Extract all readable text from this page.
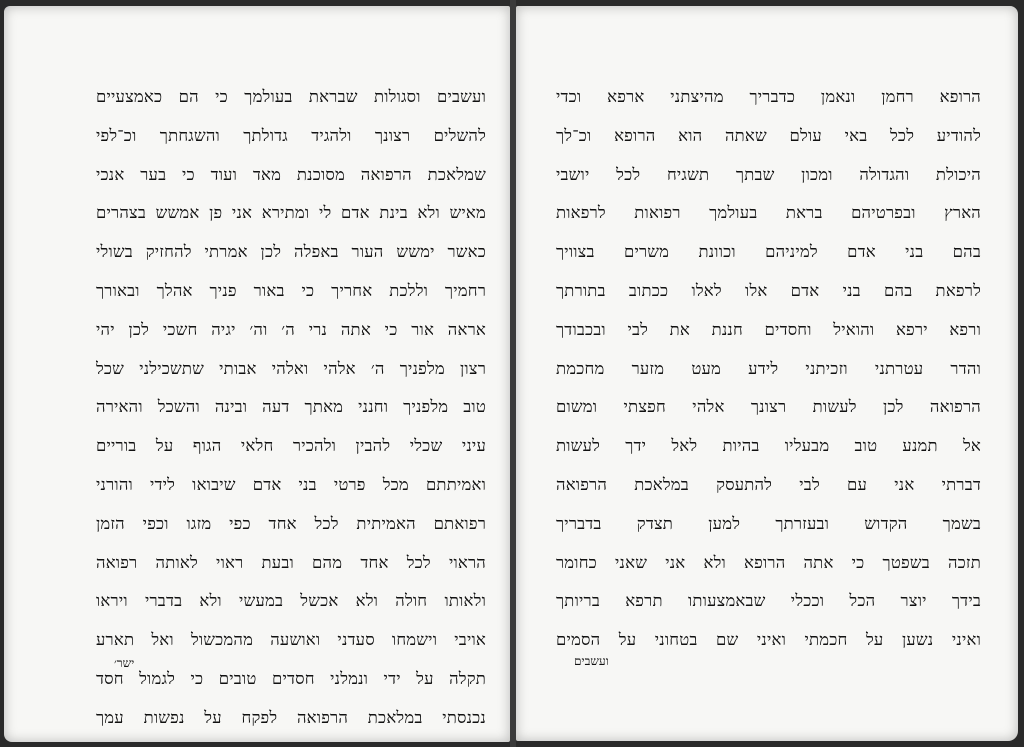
ועשבים וסגולות שבראת בעולמך כי הם כאמצעיים
להשלים רצונך ולהגיד גדולתך והשגחתך וכ־לפי
שמלאכת הרפואה מסוכנת מאד ועוד כי בער אנכי
מאיש ולא בינת אדם לי ומתירא אני פן אמשש בצהרים
כאשר ימשש העור באפלה לכן אמרתי להחזיק בשולי
רחמיך וללכת אחריך כי באור פניך אהלך ובאורך
אראה אור כי אתה נרי ה׳ וה׳ יגיה חשכי לכן יהי
רצון מלפניך ה׳ אלהי ואלהי אבותי שתשכילני שכל
טוב מלפניך וחנני מאתך דעה ובינה והשכל והאירה
עיני שכלי להבין ולהכיר חלאי הגוף על בוריים
ואמיתתם מכל פרטי בני אדם שיבואו לידי והורני
רפואתם האמיתית לכל אחד כפי מזגו וכפי הזמן
הראוי לכל אחד מהם ובעת ראוי לאותה רפואה
ולאותו חולה ולא אכשל במעשי ולא בדברי ויראו
אויבי וישמחו סעדני ואושעה מהמכשול ואל תארע
תקלה על ידי ונמלני חסדים טובים כי לגמול חסד
נכנסתי במלאכת הרפואה לפקח על נפשות עמך
ישר׳
הרופא רחמן ונאמן כדבריך מהיצתני ארפא וכדי
להודיע לכל באי עולם שאתה הוא הרופא וכ־לך
היכולת והגדולה ומכון שבתך תשגיח לכל יושבי
הארץ ובפרטיהם בראת בעולמך רפואות לרפאות
בהם בני אדם למיניהם וכוונת משרים בצוויך
לרפאת בהם בני אדם אלו לאלו ככתוב בתורתך
ורפא ירפא והואיל וחסדים חננת את לבי ובכבודך
והדר עטרתני וזכיתני לידע מעט מזער מחכמת
הרפואה לכן לעשות רצונך אלהי חפצתי ומשום
אל תמנע טוב מבעליו בהיות לאל ידך לעשות
דברתי אני עם לבי להתעסק במלאכת הרפואה
בשמך הקדוש ובעזרתך למען תצדק בדבריך
תזכה בשפטך כי אתה הרופא ולא אני שאני כחומר
בידך יוצר הכל וככלי שבאמצעותו תרפא בריותך
ואיני נשען על חכמתי ואיני שם בטחוני על הסמים
ועשבים
